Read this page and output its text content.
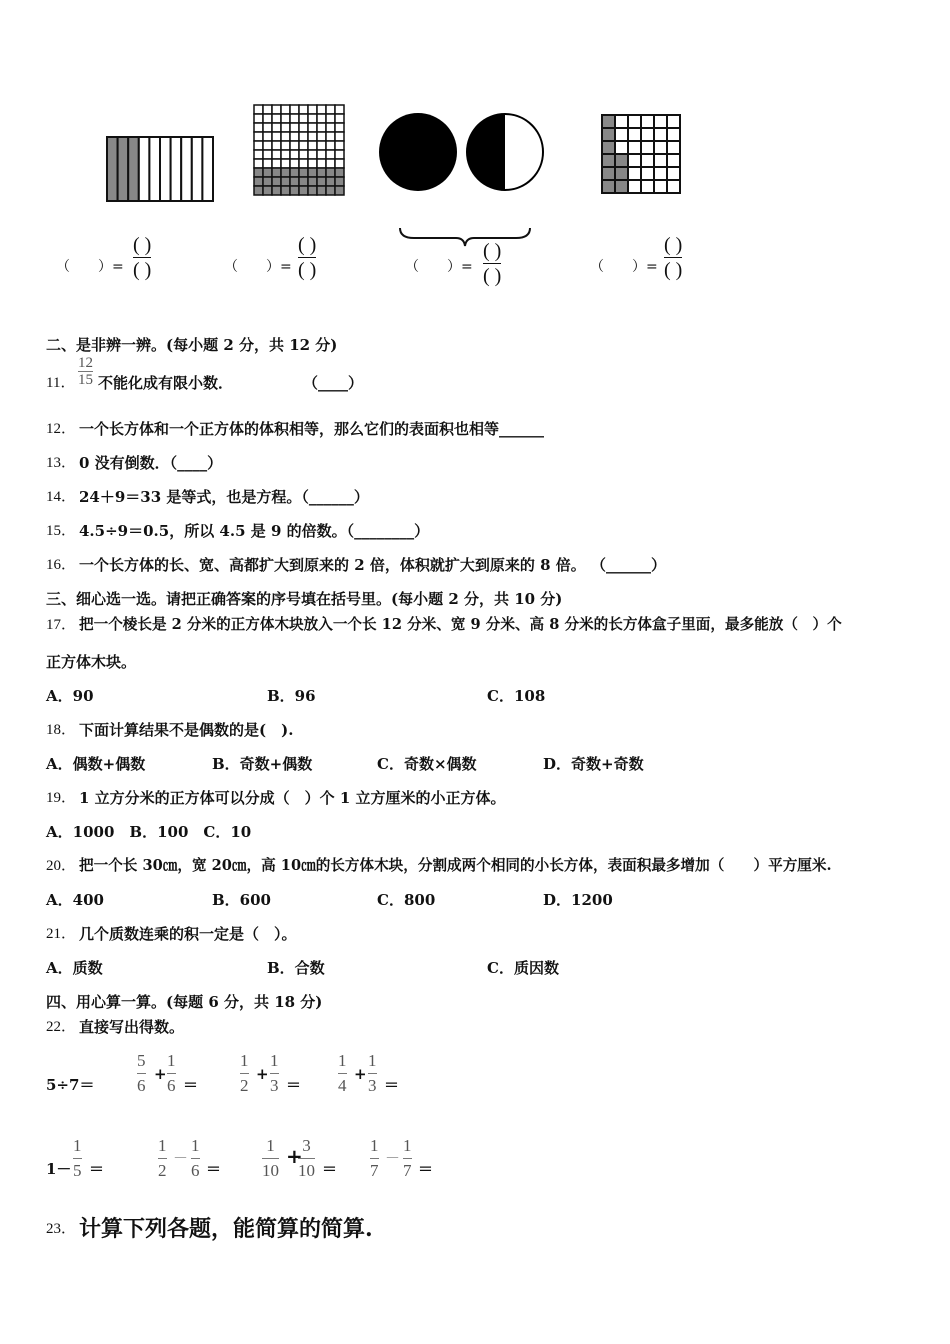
（　　）=
( )
( )	（　　）=
( )
( )	（　　）=
( )
( )	（　　）=
( )
( )
二、是非辨一辨。(每小题 2 分，共 12 分)
11．
12
15 不能化成有限小数．	（____）
12． 一个长方体和一个正方体的体积相等，那么它们的表面积也相等______
13． 0 没有倒数．（____）
14． 24＋9＝33 是等式，也是方程。（______）
15． 4.5÷9＝0.5，所以 4.5 是 9 的倍数。（________）
16． 一个长方体的长、宽、高都扩大到原来的 2 倍，体积就扩大到原来的 8 倍。 （______）
三、细心选一选。请把正确答案的序号填在括号里。(每小题 2 分，共 10 分)
17． 把一个棱长是 2 分米的正方体木块放入一个长 12 分米、宽 9 分米、高 8 分米的长方体盒子里面，最多能放（　）个
正方体木块。
A．90	B．96	C．108
18． 下面计算结果不是偶数的是(　).
A．偶数+偶数	B．奇数+偶数	C．奇数×偶数	D．奇数+奇数
19． 1 立方分米的正方体可以分成（　）个 1 立方厘米的小正方体。
A．1000　B．100　C．10
20． 把一个长 30㎝，宽 20㎝，高 10㎝的长方体木块，分割成两个相同的小长方体，表面积最多增加（　　）平方厘米.
A．400	B．600	C．800	D．1200
21． 几个质数连乘的积一定是（　）。
A．质数	B．合数	C．质因数
四、用心算一算。(每题 6 分，共 18 分)
22． 直接写出得数。
5÷7＝
5
6
+
1
6 ＝
1
2
+
1
3 ＝
1
4
+
1
3 ＝
1－
1
5 ＝
1
2
－
1
6 ＝
1
10
+ 3
10 ＝
1
7
－
1
7 ＝
23． 计算下列各题，能简算的简算.
